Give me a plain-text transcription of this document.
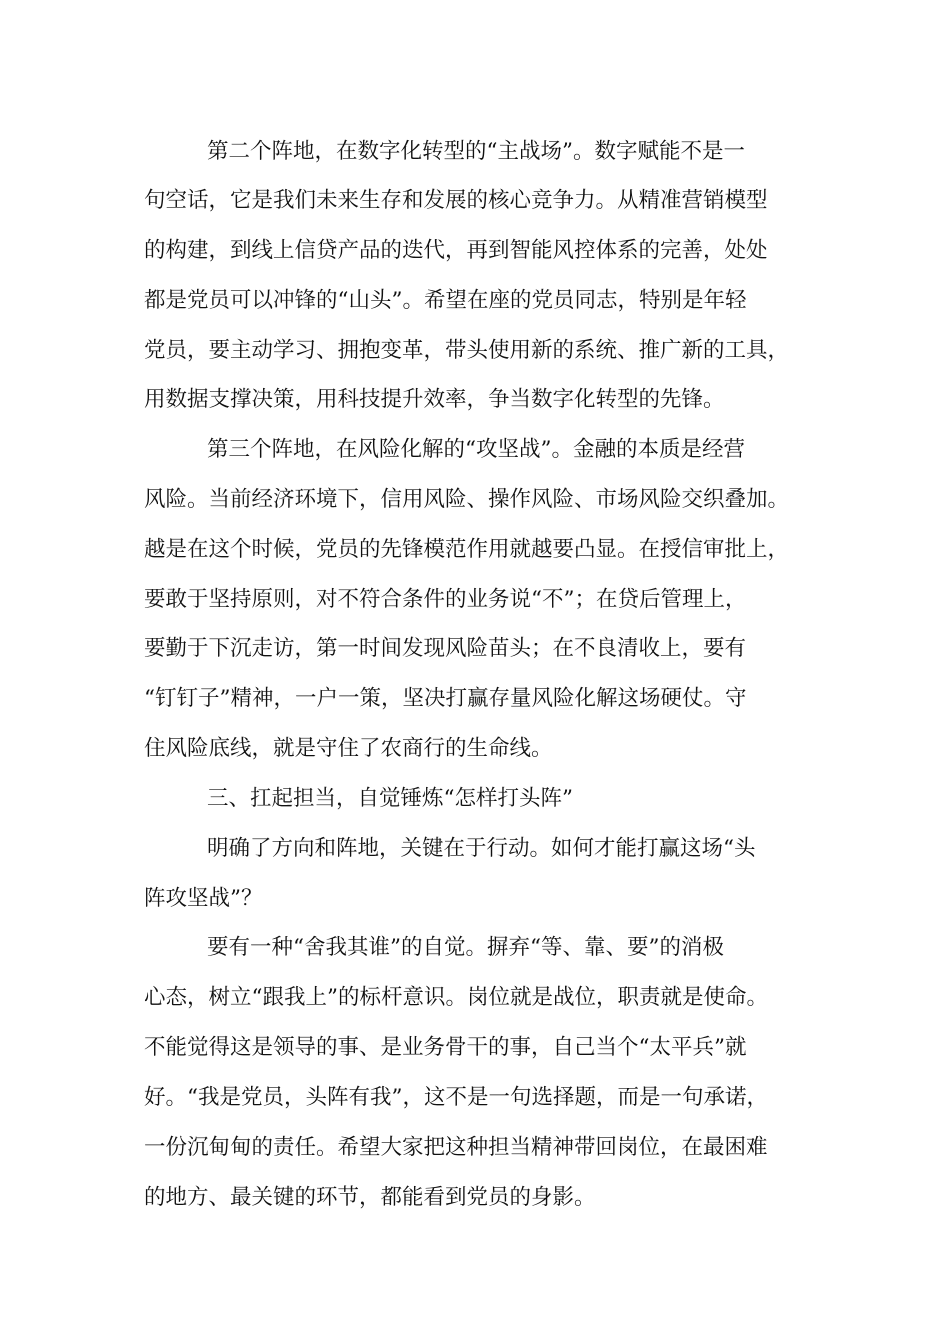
第二个阵地，在数字化转型的“主战场”。数字赋能不是一
句空话，它是我们未来生存和发展的核心竞争力。从精准营销模型
的构建，到线上信贷产品的迭代，再到智能风控体系的完善，处处
都是党员可以冲锋的“山头”。希望在座的党员同志，特别是年轻
党员，要主动学习、拥抱变革，带头使用新的系统、推广新的工具，
用数据支撑决策，用科技提升效率，争当数字化转型的先锋。
第三个阵地，在风险化解的“攻坚战”。金融的本质是经营
风险。当前经济环境下，信用风险、操作风险、市场风险交织叠加。
越是在这个时候，党员的先锋模范作用就越要凸显。在授信审批上，
要敢于坚持原则，对不符合条件的业务说“不”；在贷后管理上，
要勤于下沉走访，第一时间发现风险苗头；在不良清收上，要有
“钉钉子”精神，一户一策，坚决打赢存量风险化解这场硬仗。守
住风险底线，就是守住了农商行的生命线。
三、扛起担当，自觉锤炼“怎样打头阵”
明确了方向和阵地，关键在于行动。如何才能打赢这场“头
阵攻坚战”？
要有一种“舍我其谁”的自觉。摒弃“等、靠、要”的消极
心态，树立“跟我上”的标杆意识。岗位就是战位，职责就是使命。
不能觉得这是领导的事、是业务骨干的事，自己当个“太平兵”就
好。“我是党员，头阵有我”，这不是一句选择题，而是一句承诺，
一份沉甸甸的责任。希望大家把这种担当精神带回岗位，在最困难
的地方、最关键的环节，都能看到党员的身影。
